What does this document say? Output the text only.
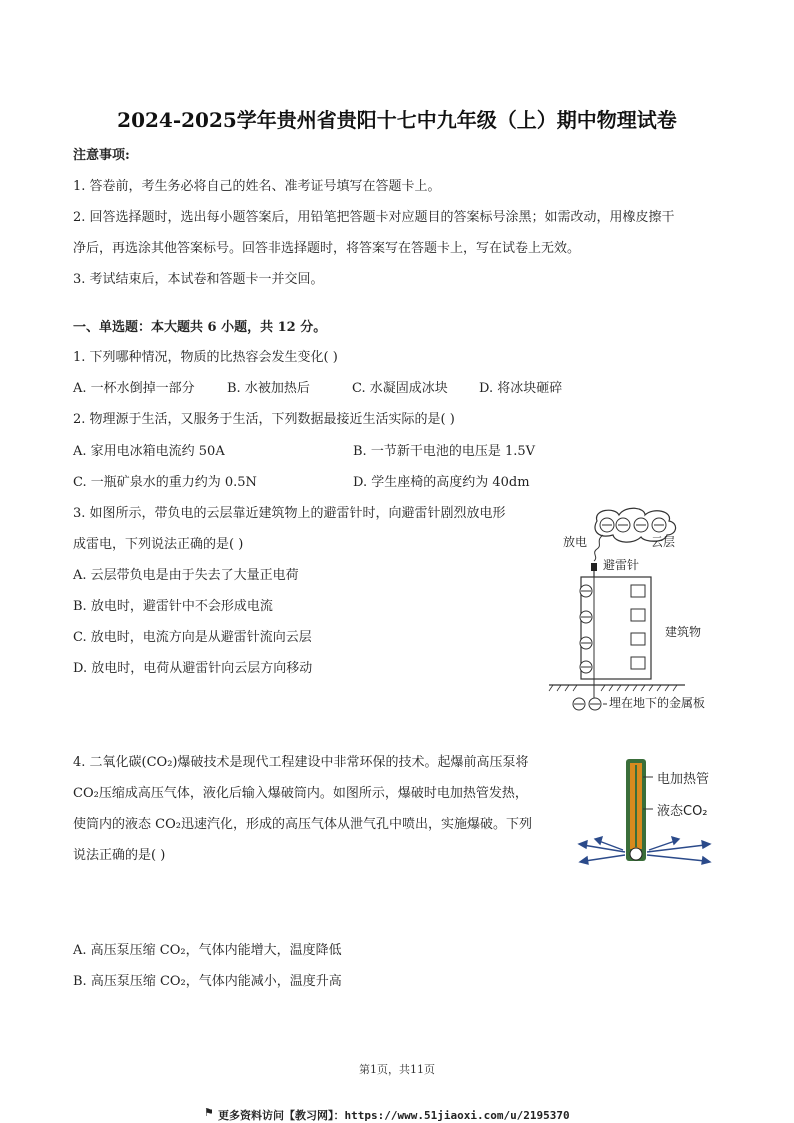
2024-2025学年贵州省贵阳十七中九年级（上）期中物理试卷
注意事项:
1. 答卷前，考生务必将自己的姓名、准考证号填写在答题卡上。
2. 回答选择题时，选出每小题答案后，用铅笔把答题卡对应题目的答案标号涂黑；如需改动，用橡皮擦干
净后，再选涂其他答案标号。回答非选择题时，将答案写在答题卡上，写在试卷上无效。
3. 考试结束后，本试卷和答题卡一并交回。
一、单选题：本大题共 6 小题，共 12 分。
1. 下列哪种情况，物质的比热容会发生变化( )
A. 一杯水倒掉一部分 B. 水被加热后	C. 水凝固成冰块 D. 将冰块砸碎
2. 物理源于生活，又服务于生活，下列数据最接近生活实际的是( )
A. 家用电冰箱电流约 50A	B. 一节新干电池的电压是 1.5V
C. 一瓶矿泉水的重力约为 0.5N	D. 学生座椅的高度约为 40dm
3. 如图所示，带负电的云层靠近建筑物上的避雷针时，向避雷针剧烈放电形
成雷电，下列说法正确的是( )
A. 云层带负电是由于失去了大量正电荷
B. 放电时，避雷针中不会形成电流
C. 放电时，电流方向是从避雷针流向云层
D. 放电时，电荷从避雷针向云层方向移动
放电	云层
避雷针
建筑物
埋在地下的金属板
4. 二氧化碳(CO₂)爆破技术是现代工程建设中非常环保的技术。起爆前高压泵将
CO₂压缩成高压气体，液化后输入爆破筒内。如图所示，爆破时电加热管发热，
使筒内的液态 CO₂迅速汽化，形成的高压气体从泄气孔中喷出，实施爆破。下列
说法正确的是( )
电加热管
液态CO₂
A. 高压泵压缩 CO₂，气体内能增大，温度降低
B. 高压泵压缩 CO₂，气体内能减小，温度升高
第1页，共11页
⚑ 更多资料访问【教习网】：https://www.51jiaoxi.com/u/2195370
